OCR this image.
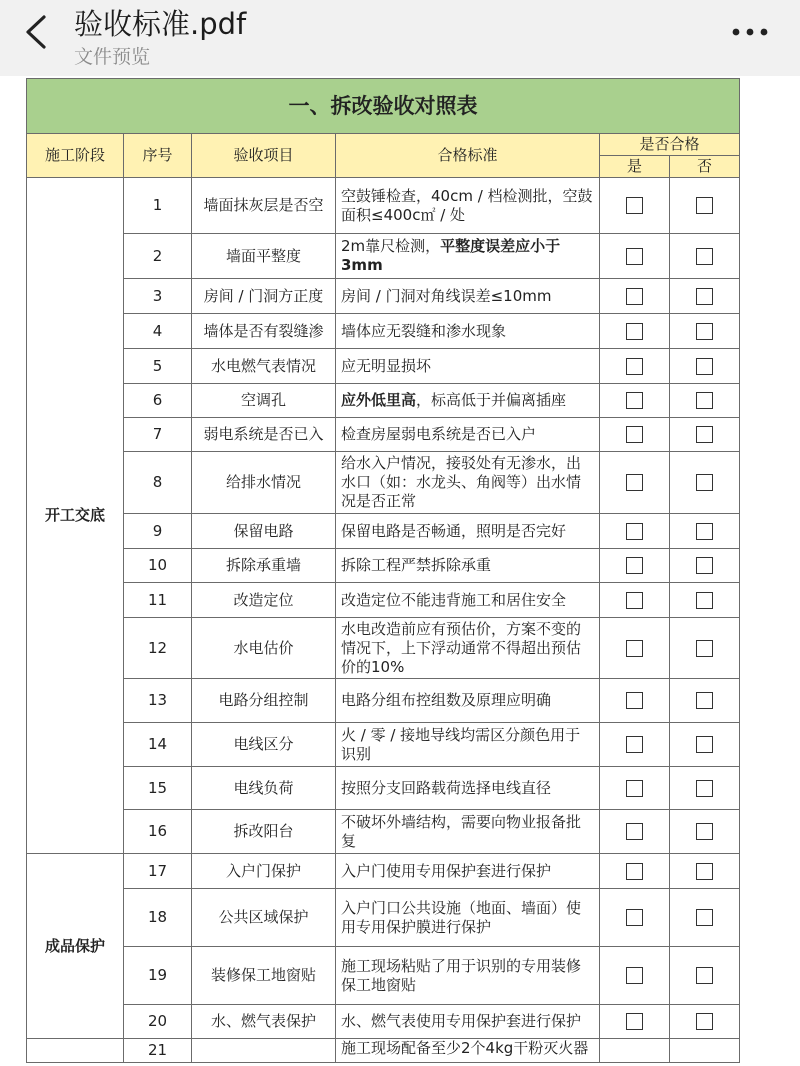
验收标准.pdf
文件预览
一、拆改验收对照表					
施工阶段	序号	验收项目	合格标准	是否合格	
				是	否
开工交底	1	墙面抹灰层是否空	空鼓锤检查，40cm / 档检测批，空鼓面积≤400c㎡ / 处		
	2	墙面平整度	2m靠尺检测，平整度误差应小于3mm		
	3	房间 / 门洞方正度	房间 / 门洞对角线误差≤10mm		
	4	墙体是否有裂缝渗	墙体应无裂缝和渗水现象		
	5	水电燃气表情况	应无明显损坏		
	6	空调孔	应外低里高，标高低于并偏离插座		
	7	弱电系统是否已入	检查房屋弱电系统是否已入户		
	8	给排水情况	给水入户情况，接驳处有无渗水，出水口（如：水龙头、角阀等）出水情况是否正常		
	9	保留电路	保留电路是否畅通，照明是否完好		
	10	拆除承重墙	拆除工程严禁拆除承重		
	11	改造定位	改造定位不能违背施工和居住安全		
	12	水电估价	水电改造前应有预估价，方案不变的情况下，上下浮动通常不得超出预估价的10%		
	13	电路分组控制	电路分组布控组数及原理应明确		
	14	电线区分	火 / 零 / 接地导线均需区分颜色用于识别		
	15	电线负荷	按照分支回路载荷选择电线直径		
	16	拆改阳台	不破坏外墙结构，需要向物业报备批复		
成品保护	17	入户门保护	入户门使用专用保护套进行保护		
	18	公共区域保护	入户门口公共设施（地面、墙面）使用专用保护膜进行保护		
	19	装修保工地窗贴	施工现场粘贴了用于识别的专用装修保工地窗贴		
	20	水、燃气表保护	水、燃气表使用专用保护套进行保护		
	21		施工现场配备至少2个4kg干粉灭火器		
